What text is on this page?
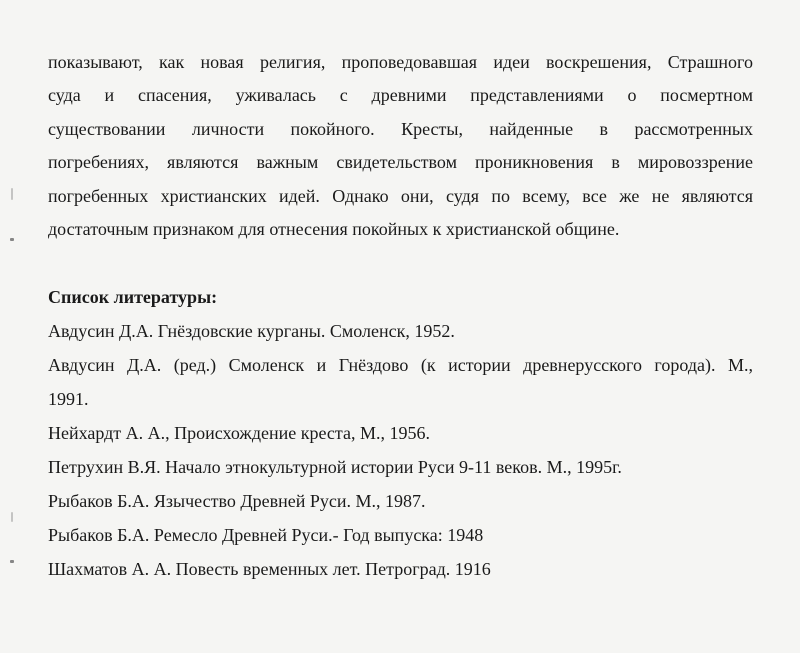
показывают, как новая религия, проповедовавшая идеи воскрешения, Страшного
суда и спасения, уживалась с древними представлениями о посмертном
существовании личности покойного. Кресты, найденные в рассмотренных
погребениях, являются важным свидетельством проникновения в мировоззрение
погребенных христианских идей. Однако они, судя по всему, все же не являются
достаточным признаком для отнесения покойных к христианской общине.

Список литературы:
Авдусин Д.А. Гнёздовские курганы. Смоленск, 1952.
Авдусин Д.А. (ред.) Смоленск и Гнёздово (к истории древнерусского города). М.,
1991.
Нейхардт А. А., Происхождение креста, М., 1956.
Петрухин В.Я. Начало этнокультурной истории Руси 9-11 веков. М., 1995г.
Рыбаков Б.А. Язычество Древней Руси. М., 1987.
Рыбаков Б.А. Ремесло Древней Руси.- Год выпуска: 1948
Шахматов А. А. Повесть временных лет. Петроград. 1916
